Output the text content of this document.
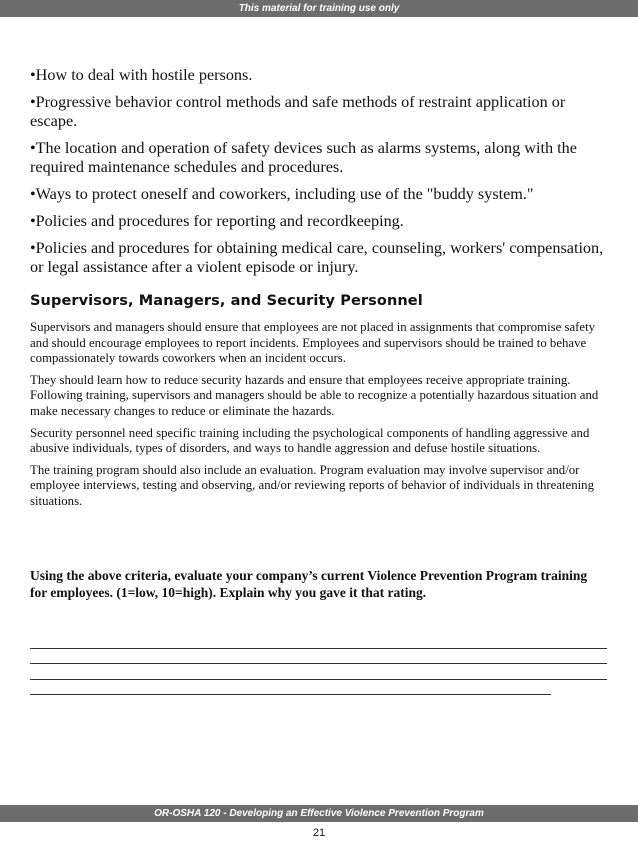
This material for training use only

•How to deal with hostile persons.

•Progressive behavior control methods and safe methods of restraint application or escape.

•The location and operation of safety devices such as alarms systems, along with the required maintenance schedules and procedures.

•Ways to protect oneself and coworkers, including use of the "buddy system."

•Policies and procedures for reporting and recordkeeping.

•Policies and procedures for obtaining medical care, counseling, workers' compensation, or legal assistance after a violent episode or injury.

Supervisors, Managers, and Security Personnel

Supervisors and managers should ensure that employees are not placed in assignments that compromise safety and should encourage employees to report incidents. Employees and supervisors should be trained to behave compassionately towards coworkers when an incident occurs.

They should learn how to reduce security hazards and ensure that employees receive appropriate training. Following training, supervisors and managers should be able to recognize a potentially hazardous situation and make necessary changes to reduce or eliminate the hazards.

Security personnel need specific training including the psychological components of handling aggressive and abusive individuals, types of disorders, and ways to handle aggression and defuse hostile situations.

The training program should also include an evaluation. Program evaluation may involve supervisor and/or employee interviews, testing and observing, and/or reviewing reports of behavior of individuals in threatening situations.

Using the above criteria, evaluate your company’s current Violence Prevention Program training for employees. (1=low, 10=high). Explain why you gave it that rating.

OR-OSHA 120 - Developing an Effective Violence Prevention Program
21
